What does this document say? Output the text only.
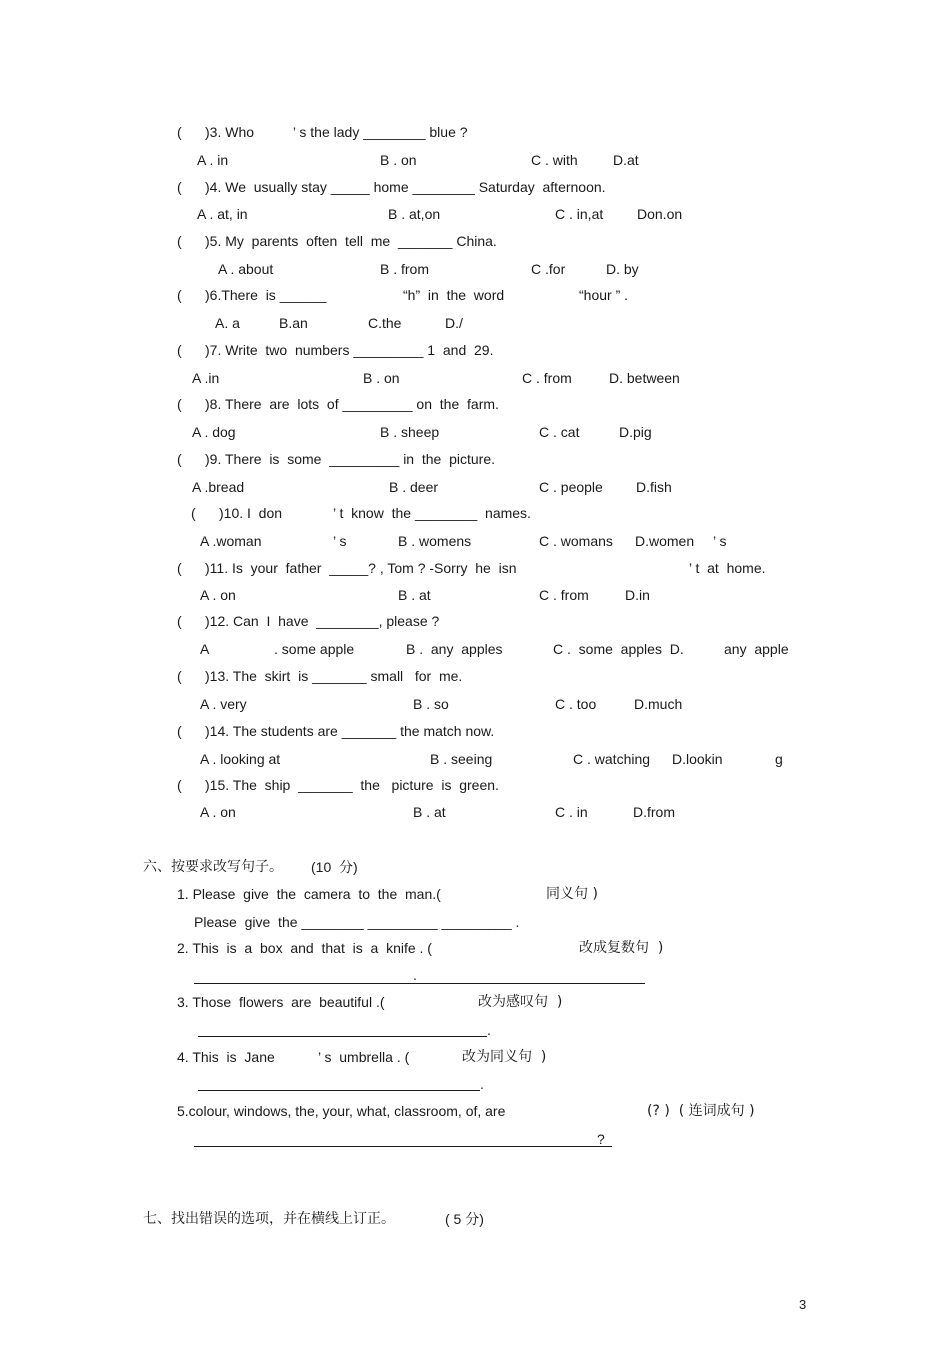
(      )3. Who          ’ s the lady ________ blue ?
A . in	B . on	C . with	D.at
(      )4. We  usually stay _____ home ________ Saturday  afternoon.
A . at, in	B . at,on	C . in,at Don.on
(      )5. My  parents  often  tell  me  _______ China.
A . about	B . from	C .for	D. by
(      )6.There  is ______	“h”  in  the  word	“hour ” .
A. a	B.an	C.the	D./
(      )7. Write  two  numbers _________ 1  and  29.
A .in	B . on	C . from	D. between
(      )8. There  are  lots  of _________ on  the  farm.
A . dog	B . sheep	C . cat	D.pig
(      )9. There  is  some  _________ in  the  picture.
A .bread	B . deer	C . people D.fish
(      )10. I  don	’ t  know  the ________  names.
A .woman	’ s	B . womens	C . womans D.women ’ s
(      )11. Is  your  father  _____? , Tom ? -Sorry  he  isn	’ t  at  home.
A . on	B . at	C . from	D.in
(      )12. Can  I  have  ________, please ?
A	. some apple	B .  any  apples	C .  some  apples  D.	any  apple
(      )13. The  skirt  is _______ small   for  me.
A . very	B . so	C . too	D.much
(      )14. The students are _______ the match now.
A . looking at	B . seeing	C . watching D.lookin	g
(      )15. The  ship  _______  the   picture  is  green.
A . on	B . at	C . in	D.from
六、按要求改写句子。 (10  分)
1. Please  give  the  camera  to  the  man.(	同义句 )
Please  give  the ________ _________ _________ .
2. This  is  a  box  and  that  is  a  knife . (	改成复数句  )
.
3. Those  flowers  are  beautiful .(	改为感叹句  )
.
4. This  is  Jane	’ s  umbrella . (	改为同义句  )
.
5.colour, windows, the, your, what, classroom, of, are	(? )  ( 连词成句 )
?
七、找出错误的选项，并在横线上订正。	( 5 分)
3
